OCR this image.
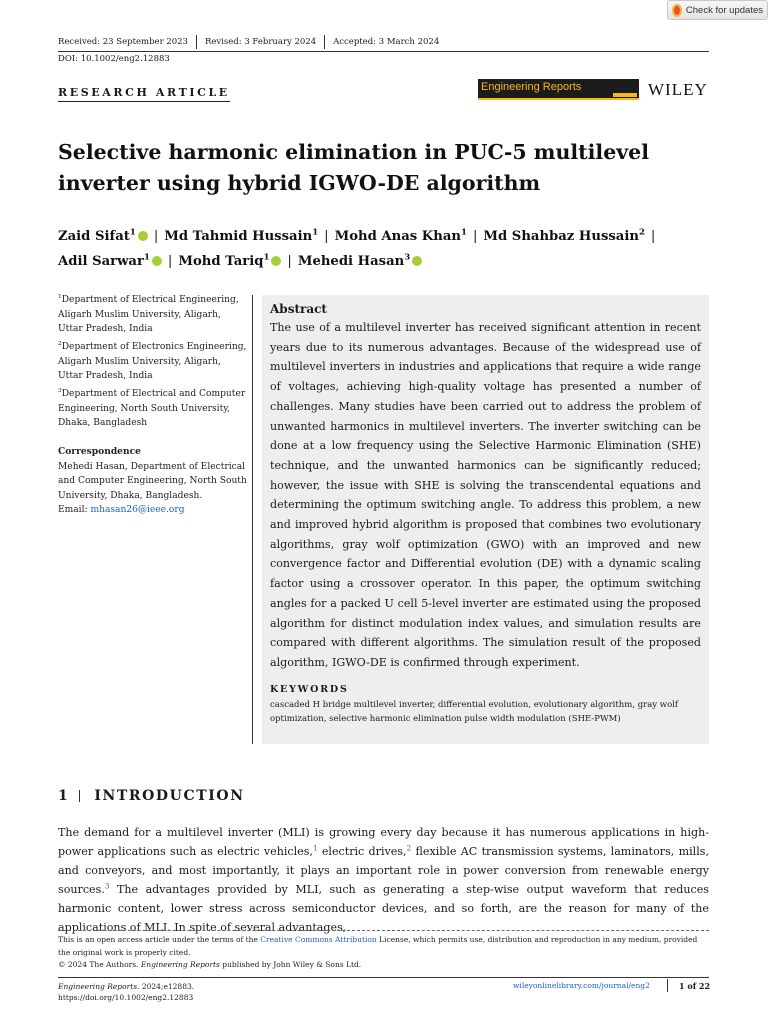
Check for updates
Received: 23 September 2023	Revised: 3 February 2024	Accepted: 3 March 2024
DOI: 10.1002/eng2.12883
RESEARCH ARTICLE	Engineering Reports	WILEY
Selective harmonic elimination in PUC-5 multilevel inverter using hybrid IGWO-DE algorithm
Zaid Sifat$^1$ | Md Tahmid Hussain$^1$ | Mohd Anas Khan$^1$ | Md Shahbaz Hussain$^2$ |
Adil Sarwar$^1$ | Mohd Tariq$^1$ | Mehedi Hasan$^3$
$^1$Department of Electrical Engineering, Aligarh Muslim University, Aligarh, Uttar Pradesh, India
$^2$Department of Electronics Engineering, Aligarh Muslim University, Aligarh, Uttar Pradesh, India
$^3$Department of Electrical and Computer Engineering, North South University, Dhaka, Bangladesh
Correspondence
Mehedi Hasan, Department of Electrical and Computer Engineering, North South University, Dhaka, Bangladesh.
Email: mhasan26@ieee.org
Abstract

The use of a multilevel inverter has received significant attention in recent years due to its numerous advantages. Because of the widespread use of multilevel inverters in industries and applications that require a wide range of voltages, achieving high-quality voltage has presented a number of challenges. Many studies have been carried out to address the problem of unwanted harmonics in multilevel inverters. The inverter switching can be done at a low frequency using the Selective Harmonic Elimination (SHE) technique, and the unwanted harmonics can be significantly reduced; however, the issue with SHE is solving the transcendental equations and determining the optimum switching angle. To address this problem, a new and improved hybrid algorithm is proposed that combines two evolutionary algorithms, gray wolf optimization (GWO) with an improved and new convergence factor and Differential evolution (DE) with a dynamic scaling factor using a crossover operator. In this paper, the optimum switching angles for a packed U cell 5-level inverter are estimated using the proposed algorithm for distinct modulation index values, and simulation results are compared with different algorithms. The simulation result of the proposed algorithm, IGWO-DE is confirmed through experiment.

KEYWORDS
cascaded H bridge multilevel inverter, differential evolution, evolutionary algorithm, gray wolf optimization, selective harmonic elimination pulse width modulation (SHE-PWM)
1 INTRODUCTION

The demand for a multilevel inverter (MLI) is growing every day because it has numerous applications in high-power applications such as electric vehicles,$^1$ electric drives,$^2$ flexible AC transmission systems, laminators, mills, and conveyors, and most importantly, it plays an important role in power conversion from renewable energy sources.$^3$ The advantages provided by MLI, such as generating a step-wise output waveform that reduces harmonic content, lower stress across semiconductor devices, and so forth, are the reason for many of the applications of MLI. In spite of several advantages,

This is an open access article under the terms of the Creative Commons Attribution License, which permits use, distribution and reproduction in any medium, provided the original work is properly cited.
© 2024 The Authors. Engineering Reports published by John Wiley & Sons Ltd.
Engineering Reports. 2024;e12883.
https://doi.org/10.1002/eng2.12883
wileyonlinelibrary.com/journal/eng2	1 of 22
